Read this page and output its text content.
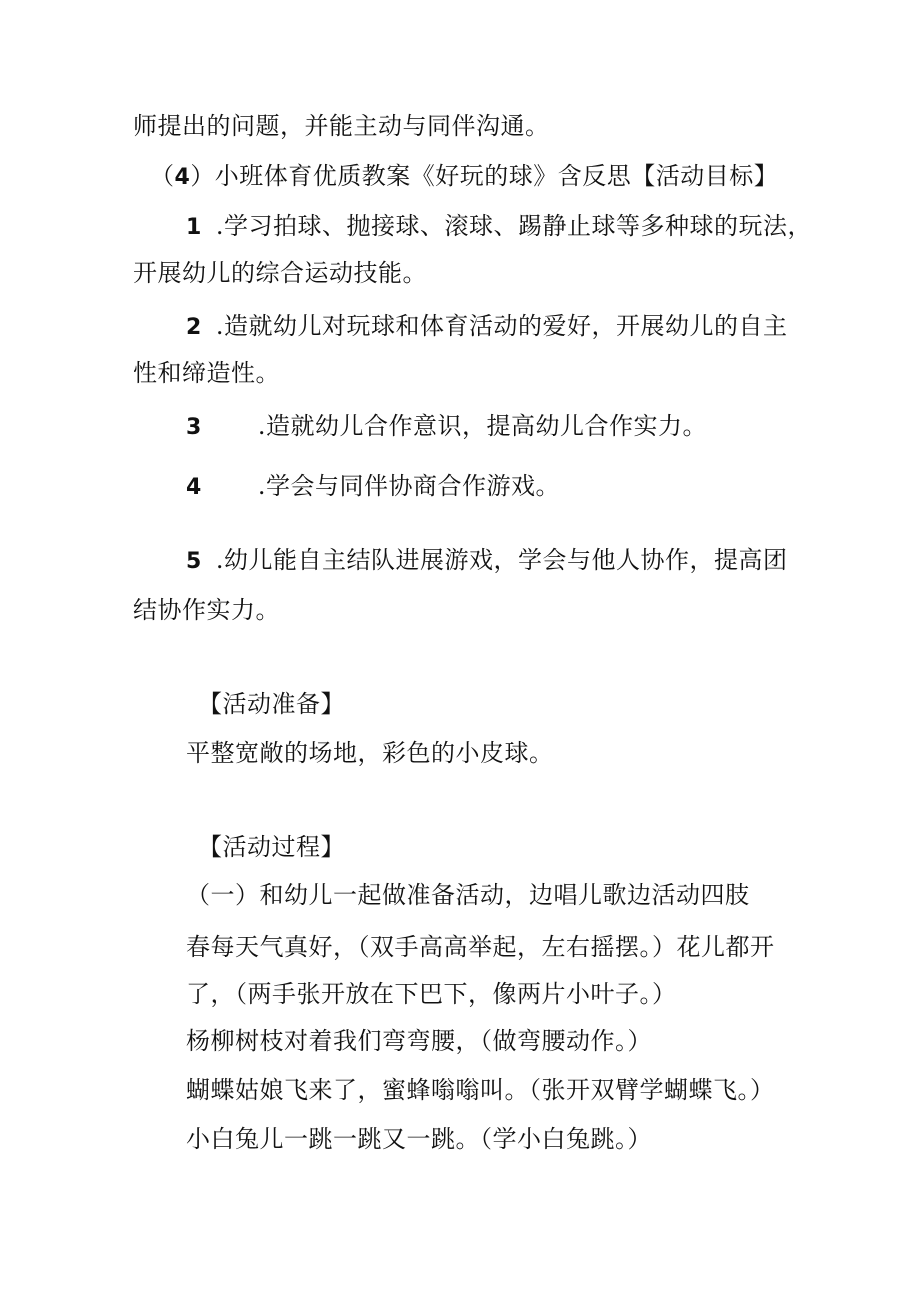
师提出的问题，并能主动与同伴沟通。
（4）小班体育优质教案《好玩的球》含反思【活动目标】
1 .学习拍球、抛接球、滚球、踢静止球等多种球的玩法，
开展幼儿的综合运动技能。
2 .造就幼儿对玩球和体育活动的爱好，开展幼儿的自主
性和缔造性。
3 .造就幼儿合作意识，提高幼儿合作实力。
4 .学会与同伴协商合作游戏。
5 .幼儿能自主结队进展游戏，学会与他人协作，提高团
结协作实力。
【活动准备】
平整宽敞的场地，彩色的小皮球。
【活动过程】
（一）和幼儿一起做准备活动，边唱儿歌边活动四肢
春每天气真好，（双手高高举起，左右摇摆。）花儿都开
了，（两手张开放在下巴下，像两片小叶子。）
杨柳树枝对着我们弯弯腰，（做弯腰动作。）
蝴蝶姑娘飞来了，蜜蜂嗡嗡叫。（张开双臂学蝴蝶飞。）
小白兔儿一跳一跳又一跳。（学小白兔跳。）
